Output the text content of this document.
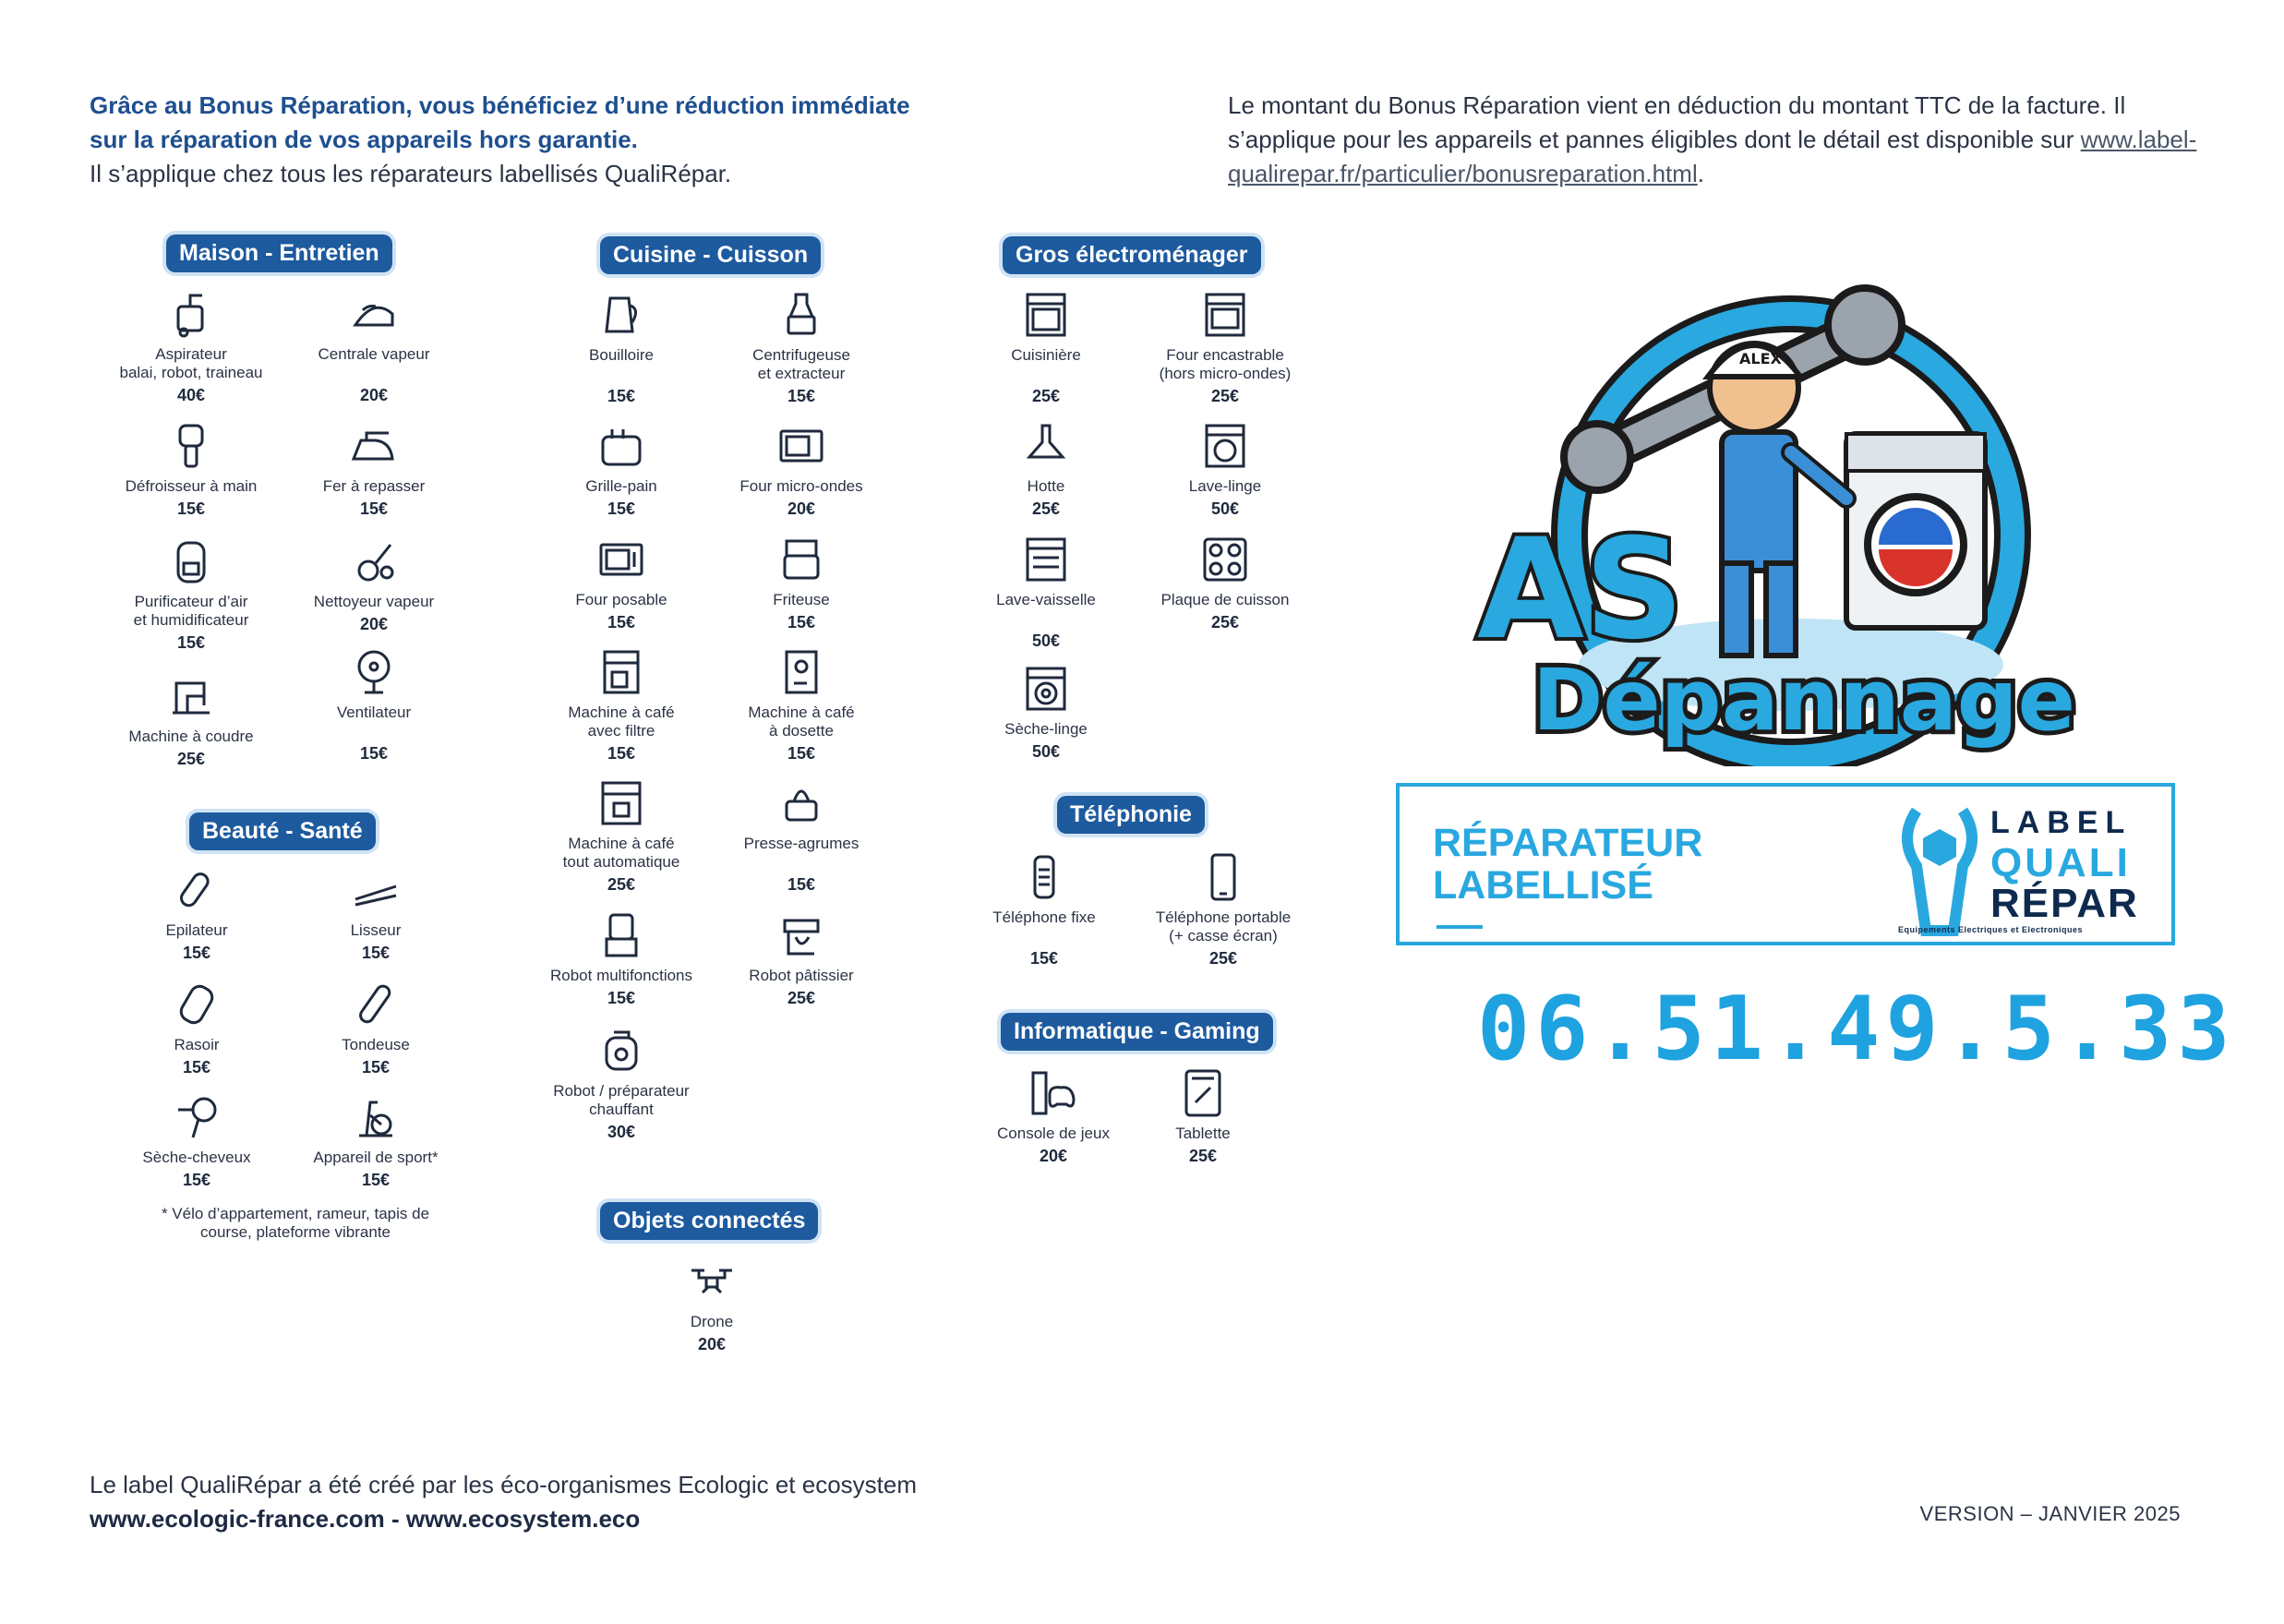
Grâce au Bonus Réparation, vous bénéficiez d’une réduction immédiate
sur la réparation de vos appareils hors garantie.
Il s’applique chez tous les réparateurs labellisés QualiRépar.
Le montant du Bonus Réparation vient en déduction du montant TTC de la facture. Il s’applique pour les appareils et pannes éligibles dont le détail est disponible sur www.label-qualirepar.fr/particulier/bonusreparation.html.
Maison - Entretien
Beauté - Santé
Cuisine - Cuisson
Objets connectés
Gros électroménager
Téléphonie
Informatique - Gaming
Aspirateur
balai, robot, traineau
40€
Centrale vapeur
20€
Défroisseur à main
15€
Fer à repasser
15€
Purificateur d’air
et humidificateur
15€
Nettoyeur vapeur
20€
Machine à coudre
25€
Ventilateur
15€
Epilateur
15€
Lisseur
15€
Rasoir
15€
Tondeuse
15€
Sèche-cheveux
15€
Appareil de sport*
15€
* Vélo d’appartement, rameur, tapis de course, plateforme vibrante
Bouilloire
15€
Centrifugeuse
et extracteur
15€
Grille-pain
15€
Four micro-ondes
20€
Four posable
15€
Friteuse
15€
Machine à café
avec filtre
15€
Machine à café
à dosette
15€
Machine à café
tout automatique
25€
Presse-agrumes
15€
Robot multifonctions
15€
Robot pâtissier
25€
Robot / préparateur
chauffant
30€
Drone
20€
Cuisinière
25€
Four encastrable
(hors micro-ondes)
25€
Hotte
25€
Lave-linge
50€
Lave-vaisselle
50€
Plaque de cuisson
25€
Sèche-linge
50€
Téléphone fixe
15€
Téléphone portable
(+ casse écran)
25€
Console de jeux
20€
Tablette
25€
ALEX
AS
Dépannage
RÉPARATEUR
LABELLISÉ
LABEL
QUALI
RÉPAR
Equipements Electriques et Electroniques
06.51.49.5.33
Le label QualiRépar a été créé par les éco-organismes Ecologic et ecosystem
www.ecologic-france.com - www.ecosystem.eco	VERSION – JANVIER 2025
